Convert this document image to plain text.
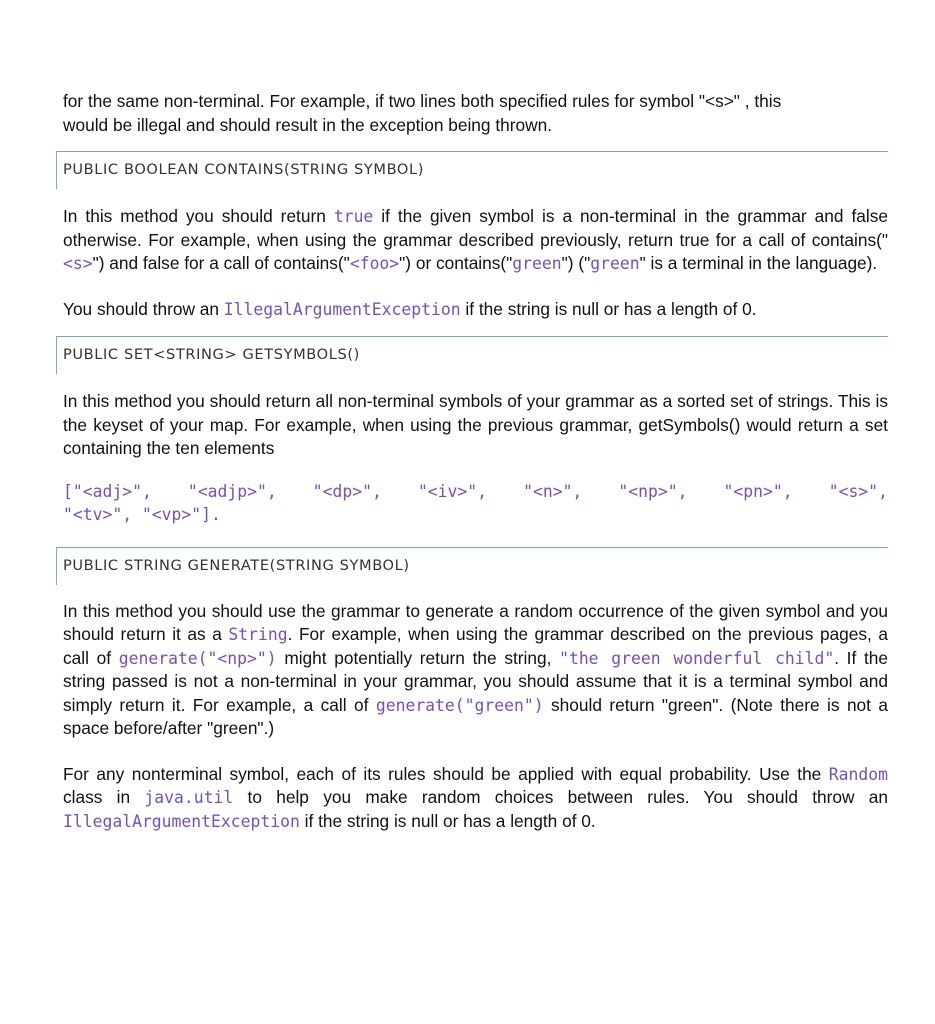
for the same non-terminal. For example, if two lines both specified rules for symbol "<s>" , this
would be illegal and should result in the exception being thrown.

PUBLIC BOOLEAN CONTAINS(STRING SYMBOL)

In this method you should return true if the given symbol is a non-terminal in the grammar and false otherwise. For example, when using the grammar described previously, return true for a call of contains("<s>") and false for a call of contains("<foo>") or contains("green") ("green" is a terminal in the language).

You should throw an IllegalArgumentException if the string is null or has a length of 0.

PUBLIC SET<STRING> GETSYMBOLS()

In this method you should return all non-terminal symbols of your grammar as a sorted set of strings. This is the keyset of your map. For example, when using the previous grammar, getSymbols() would return a set containing the ten elements

["<adj>", "<adjp>", "<dp>", "<iv>", "<n>", "<np>", "<pn>", "<s>",
"<tv>", "<vp>"].
PUBLIC STRING GENERATE(STRING SYMBOL)

In this method you should use the grammar to generate a random occurrence of the given symbol and you should return it as a String. For example, when using the grammar described on the previous pages, a call of generate("<np>") might potentially return the string, "the green wonderful child". If the string passed is not a non-terminal in your grammar, you should assume that it is a terminal symbol and simply return it. For example, a call of generate("green") should return "green". (Note there is not a space before/after "green".)

For any nonterminal symbol, each of its rules should be applied with equal probability. Use the Random class in java.util to help you make random choices between rules. You should throw an IllegalArgumentException if the string is null or has a length of 0.
